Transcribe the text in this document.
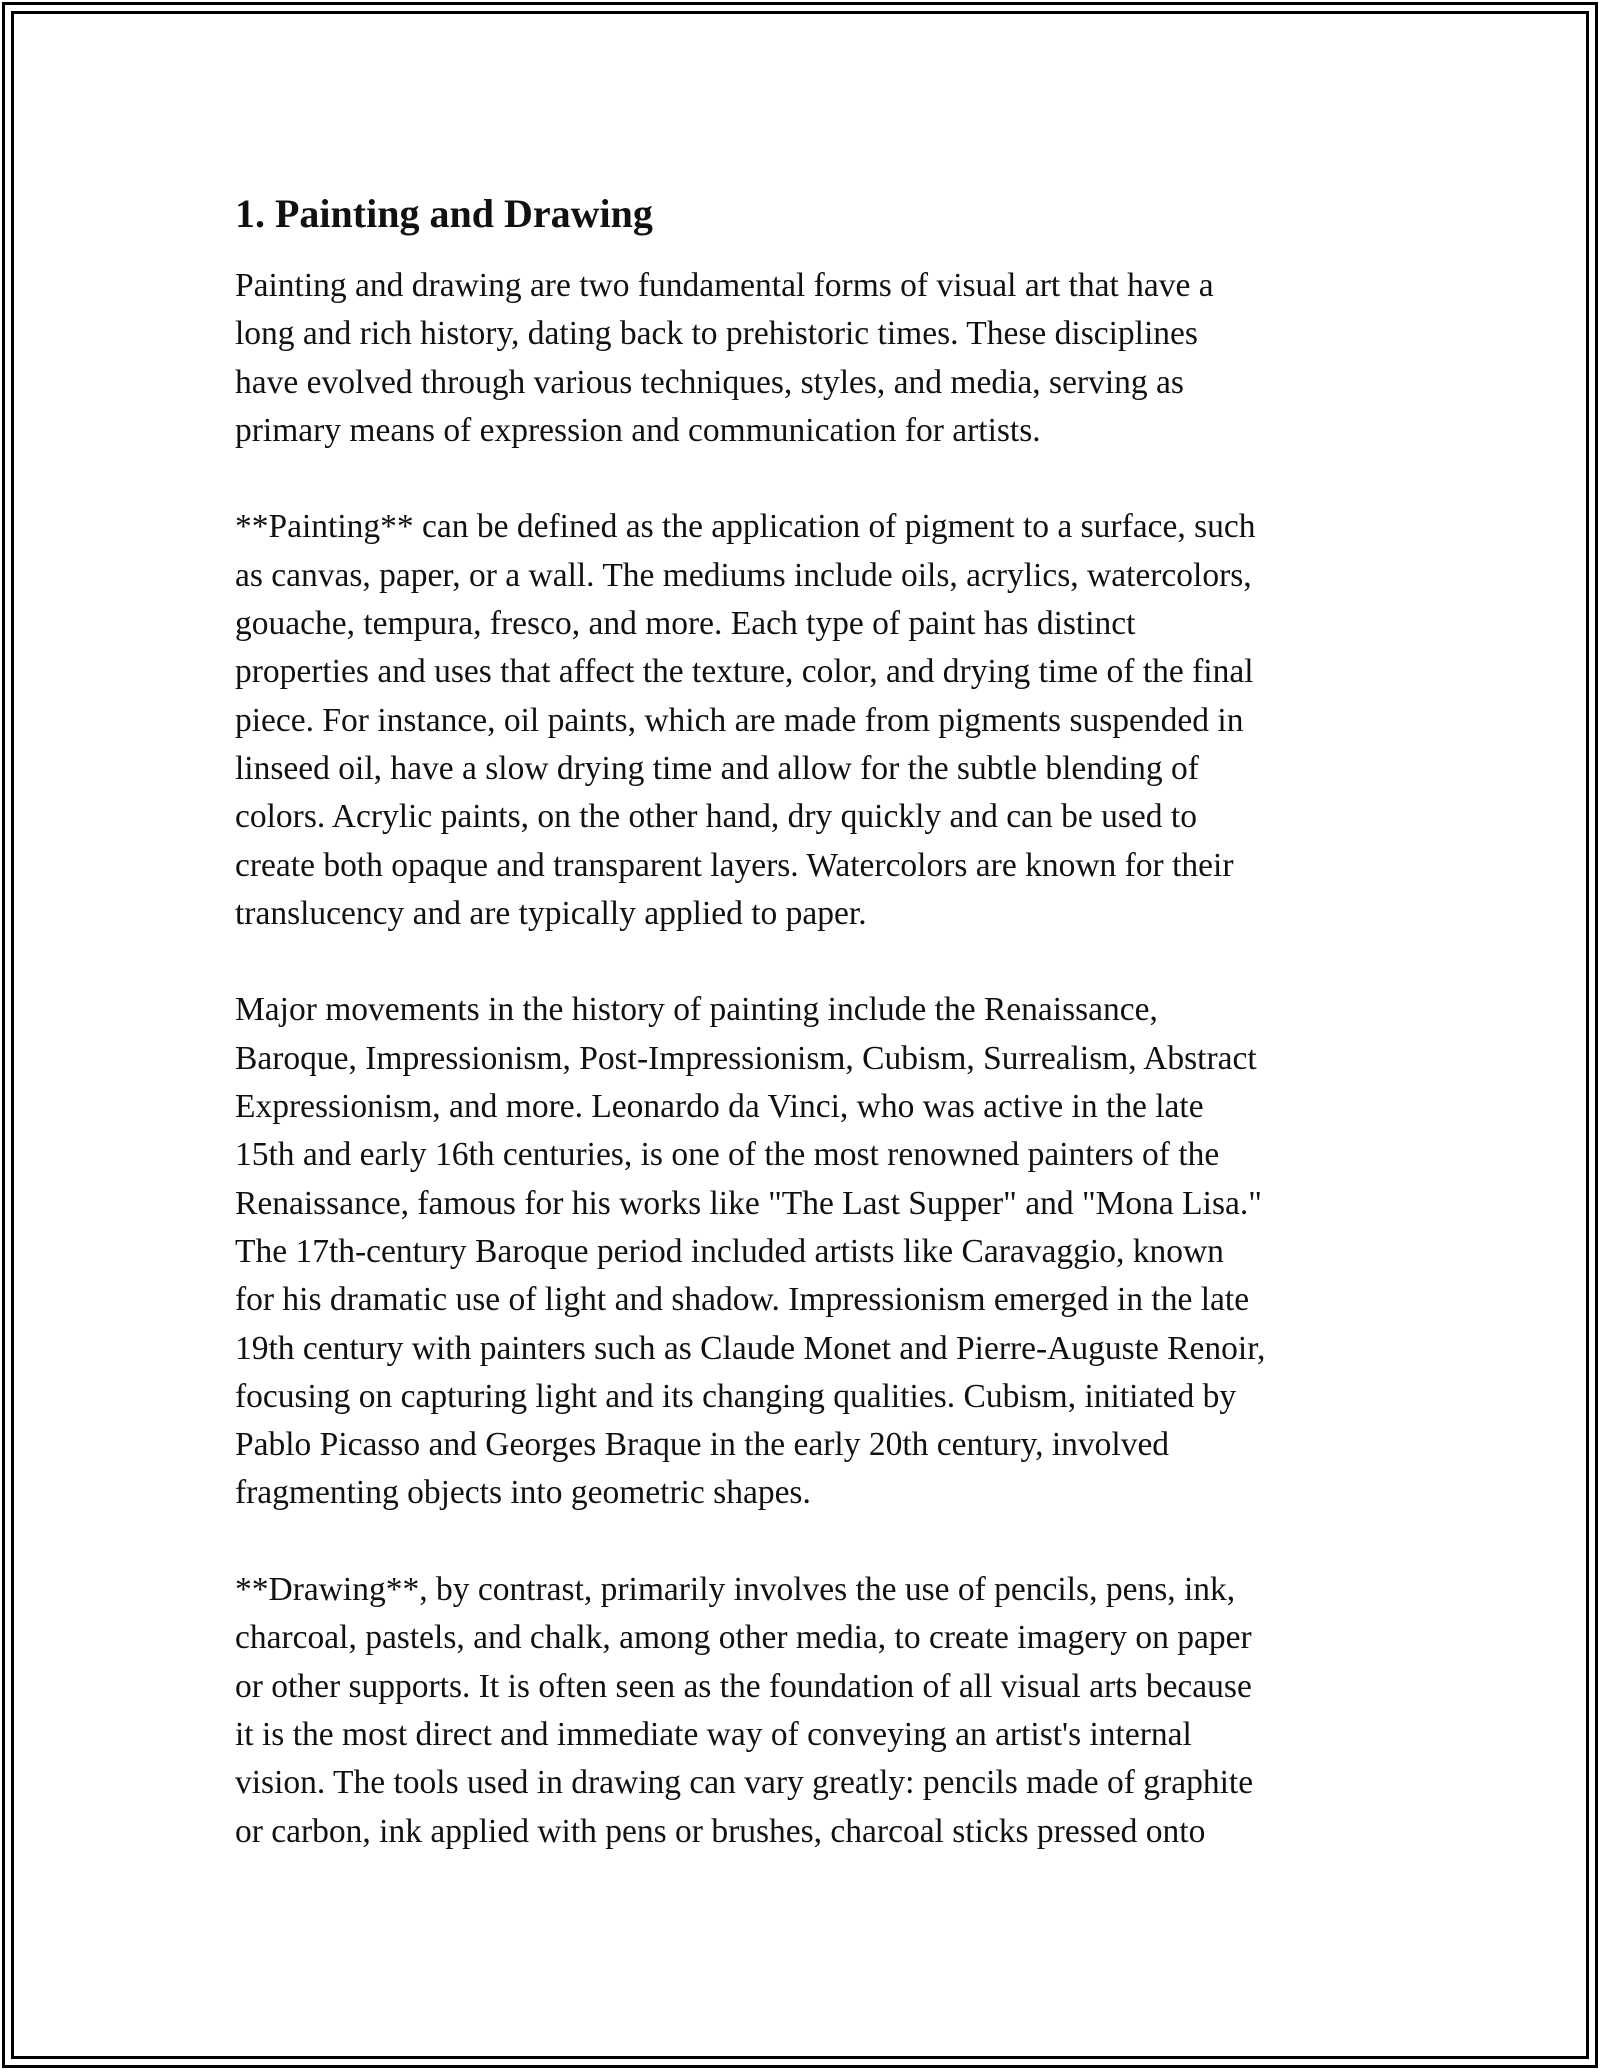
1. Painting and Drawing

Painting and drawing are two fundamental forms of visual art that have a
long and rich history, dating back to prehistoric times. These disciplines
have evolved through various techniques, styles, and media, serving as
primary means of expression and communication for artists.

**Painting** can be defined as the application of pigment to a surface, such
as canvas, paper, or a wall. The mediums include oils, acrylics, watercolors,
gouache, tempura, fresco, and more. Each type of paint has distinct
properties and uses that affect the texture, color, and drying time of the final
piece. For instance, oil paints, which are made from pigments suspended in
linseed oil, have a slow drying time and allow for the subtle blending of
colors. Acrylic paints, on the other hand, dry quickly and can be used to
create both opaque and transparent layers. Watercolors are known for their
translucency and are typically applied to paper.

Major movements in the history of painting include the Renaissance,
Baroque, Impressionism, Post-Impressionism, Cubism, Surrealism, Abstract
Expressionism, and more. Leonardo da Vinci, who was active in the late
15th and early 16th centuries, is one of the most renowned painters of the
Renaissance, famous for his works like "The Last Supper" and "Mona Lisa."
The 17th-century Baroque period included artists like Caravaggio, known
for his dramatic use of light and shadow. Impressionism emerged in the late
19th century with painters such as Claude Monet and Pierre-Auguste Renoir,
focusing on capturing light and its changing qualities. Cubism, initiated by
Pablo Picasso and Georges Braque in the early 20th century, involved
fragmenting objects into geometric shapes.

**Drawing**, by contrast, primarily involves the use of pencils, pens, ink,
charcoal, pastels, and chalk, among other media, to create imagery on paper
or other supports. It is often seen as the foundation of all visual arts because
it is the most direct and immediate way of conveying an artist's internal
vision. The tools used in drawing can vary greatly: pencils made of graphite
or carbon, ink applied with pens or brushes, charcoal sticks pressed onto
